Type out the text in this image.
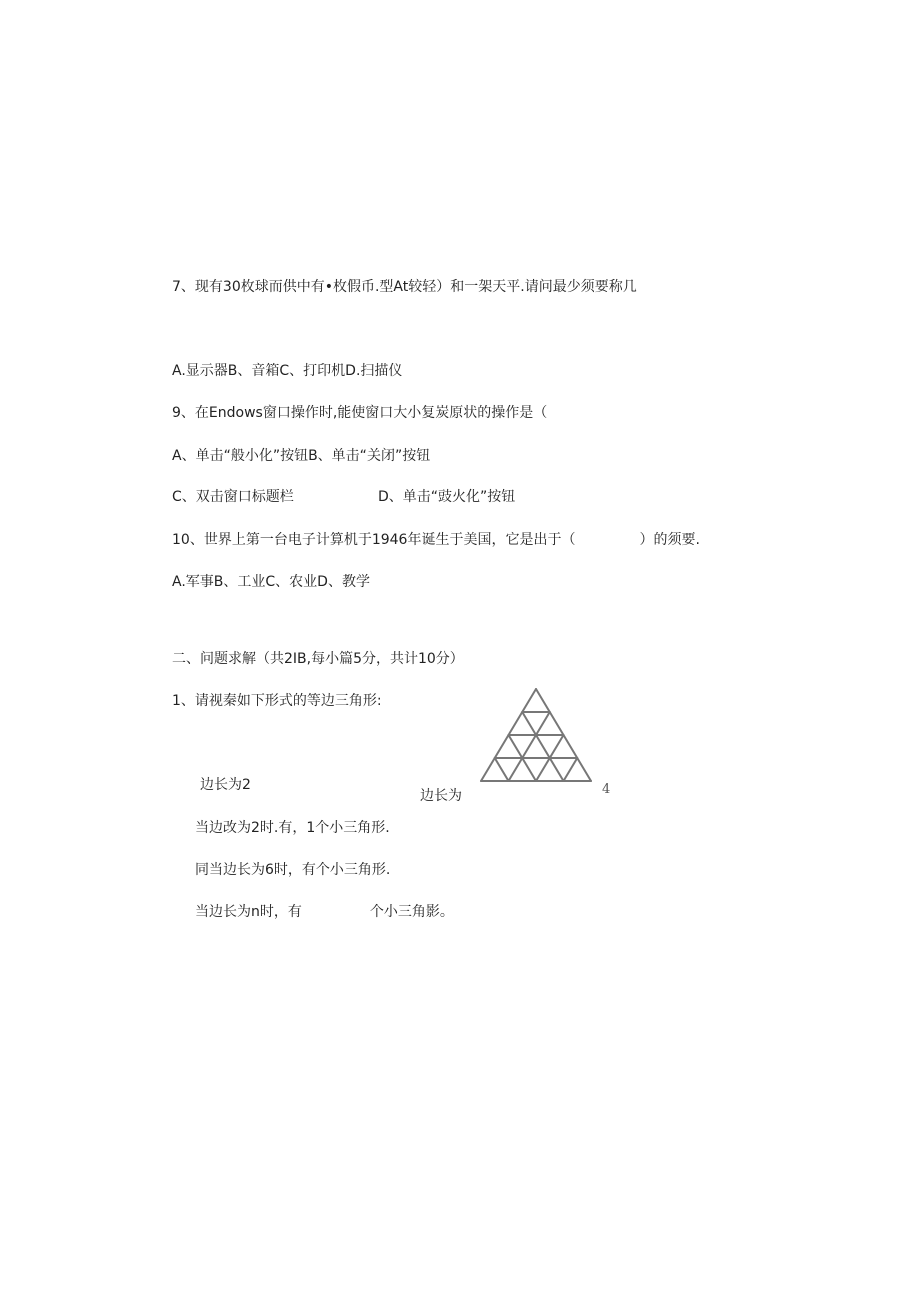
7、现有30枚球而供中有•枚假币.型At较轻）和一架天平.请问最少须要称几
A.显示器B、音箱C、打印机D.扫描仪
9、在Endows窗口操作时,能使窗口大小复炭原状的操作是（
A、单击“般小化”按钮B、单击“关闭”按钮
C、双击窗口标题栏	D、单击“豉火化”按钮
10、世界上第一台电子计算机于1946年诞生于美国，它是出于（	）的须要.
A.军事B、工业C、农业D、教学
二、问题求解（共2IB,每小篇5分，共计10分）
1、请视秦如下形式的等边三角形:
边长为2
边长为	4
当边改为2时.有，1个小三角形.
同当边长为6时，有个小三角形.
当边长为n时，有	个小三角影。
